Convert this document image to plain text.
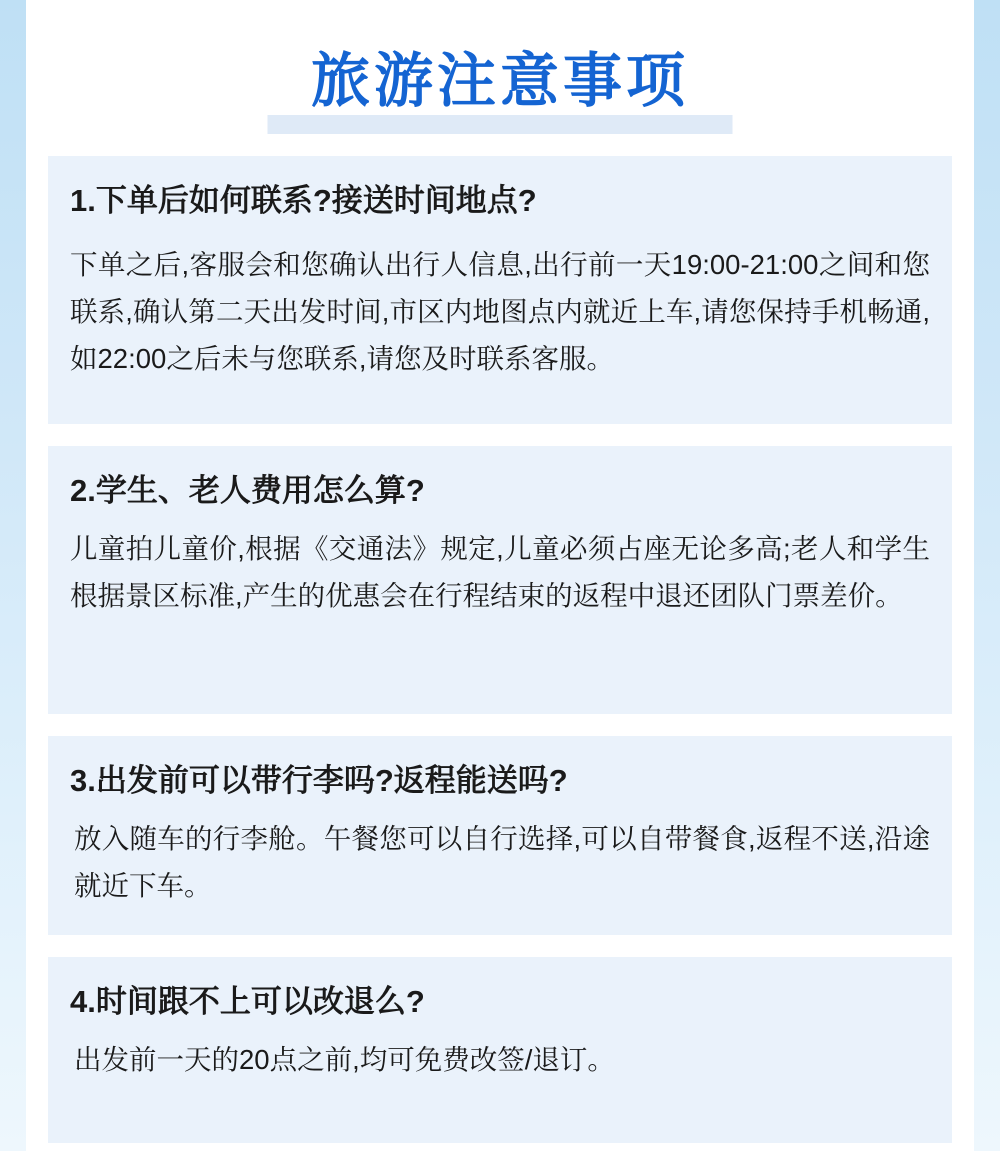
旅游注意事项
1.下单后如何联系?接送时间地点?
下单之后,客服会和您确认出行人信息,出行前一天19:00-21:00之间和您联系,确认第二天出发时间,市区内地图点内就近上车,请您保持手机畅通,如22:00之后未与您联系,请您及时联系客服。
2.学生、老人费用怎么算?
儿童拍儿童价,根据《交通法》规定,儿童必须占座无论多高;老人和学生根据景区标准,产生的优惠会在行程结束的返程中退还团队门票差价。
3.出发前可以带行李吗?返程能送吗?
放入随车的行李舱。午餐您可以自行选择,可以自带餐食,返程不送,沿途就近下车。
4.时间跟不上可以改退么?
出发前一天的20点之前,均可免费改签/退订。
